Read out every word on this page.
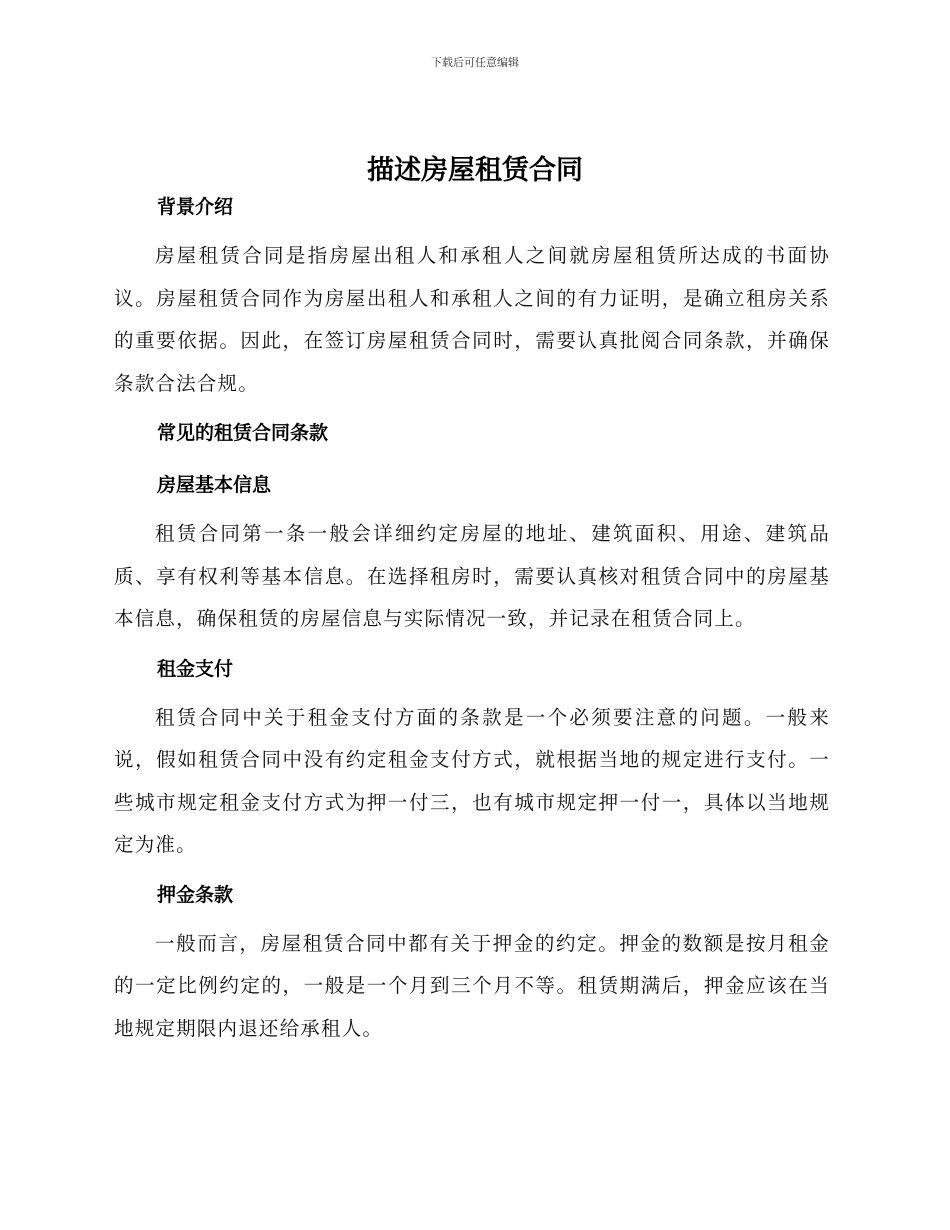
下载后可任意编辑
描述房屋租赁合同
背景介绍

房屋租赁合同是指房屋出租人和承租人之间就房屋租赁所达成的书面协议。房屋租赁合同作为房屋出租人和承租人之间的有力证明，是确立租房关系的重要依据。因此，在签订房屋租赁合同时，需要认真批阅合同条款，并确保条款合法合规。

常见的租赁合同条款
房屋基本信息

租赁合同第一条一般会详细约定房屋的地址、建筑面积、用途、建筑品质、享有权利等基本信息。在选择租房时，需要认真核对租赁合同中的房屋基本信息，确保租赁的房屋信息与实际情况一致，并记录在租赁合同上。

租金支付

租赁合同中关于租金支付方面的条款是一个必须要注意的问题。一般来说，假如租赁合同中没有约定租金支付方式，就根据当地的规定进行支付。一些城市规定租金支付方式为押一付三，也有城市规定押一付一，具体以当地规定为准。

押金条款

一般而言，房屋租赁合同中都有关于押金的约定。押金的数额是按月租金的一定比例约定的，一般是一个月到三个月不等。租赁期满后，押金应该在当地规定期限内退还给承租人。
